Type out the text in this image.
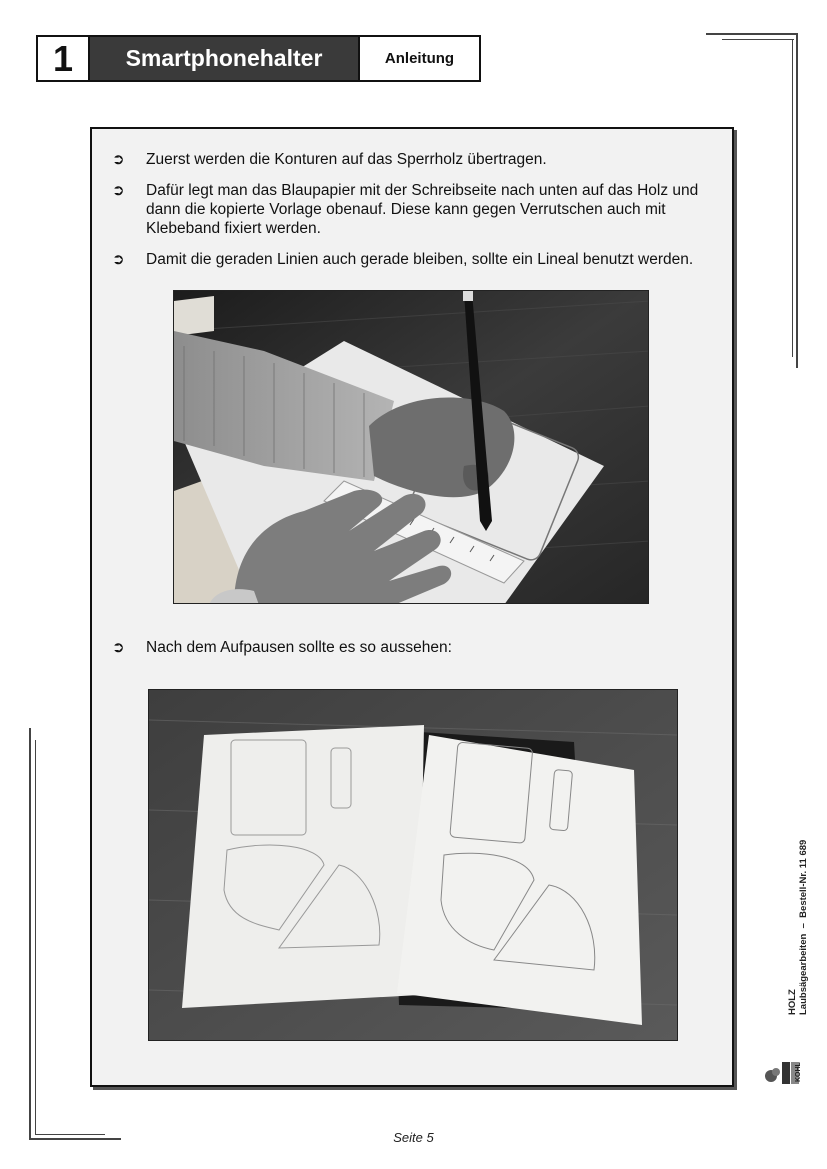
1	Smartphonehalter	Anleitung
➲	Zuerst werden die Konturen auf das Sperrholz übertragen.
➲	Dafür legt man das Blaupapier mit der Schreibseite nach unten auf das Holz und dann die kopierte Vorlage obenauf. Diese kann gegen Verrutschen auch mit Klebeband fixiert werden.
➲	Damit die geraden Linien auch gerade bleiben, sollte ein Lineal benutzt werden.
➲	Nach dem Aufpausen sollte es so aussehen:
HOLZ Laubsägearbeiten  –  Bestell-Nr. 11 689
KOHL
Seite 5
